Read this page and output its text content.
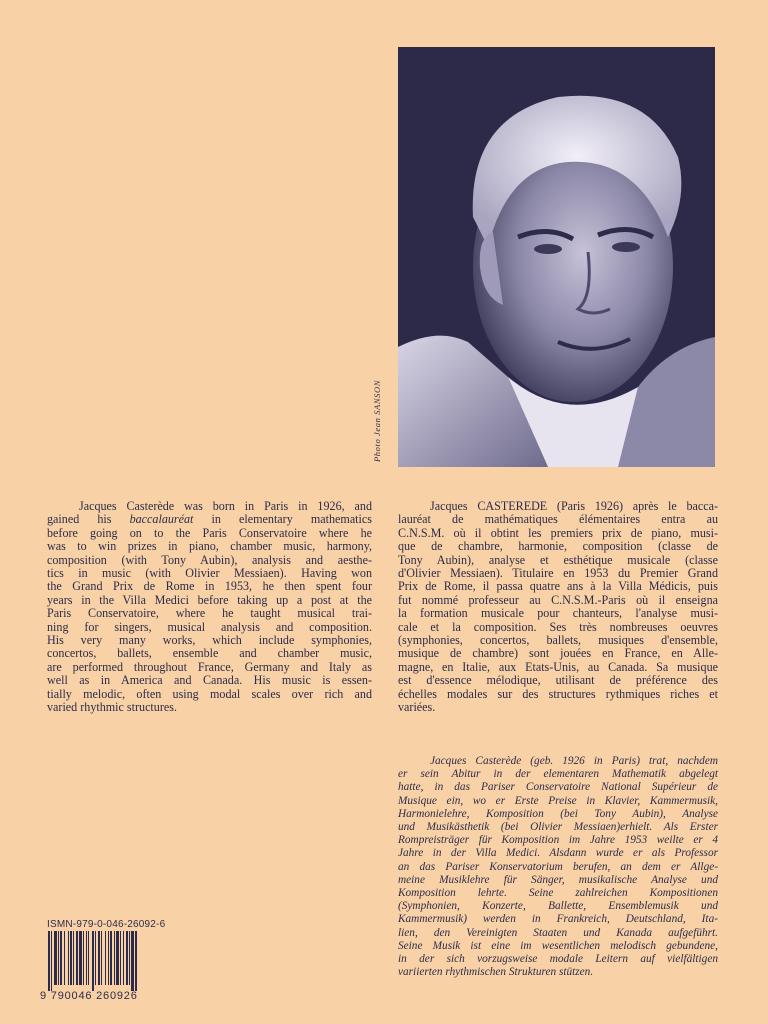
Photo Jean SANSON
Jacques Casterède was born in Paris in 1926, and
gained his baccalauréat in elementary mathematics
before going on to the Paris Conservatoire where he
was to win prizes in piano, chamber music, harmony,
composition (with Tony Aubin), analysis and aesthe-
tics in music (with Olivier Messiaen). Having won
the Grand Prix de Rome in 1953, he then spent four
years in the Villa Medici before taking up a post at the
Paris Conservatoire, where he taught musical trai-
ning for singers, musical analysis and composition.
His very many works, which include symphonies,
concertos, ballets, ensemble and chamber music,
are performed throughout France, Germany and Italy as
well as in America and Canada. His music is essen-
tially melodic, often using modal scales over rich and
varied rhythmic structures.
Jacques CASTEREDE (Paris 1926) après le bacca-
lauréat de mathématiques élémentaires entra au
C.N.S.M. où il obtint les premiers prix de piano, musi-
que de chambre, harmonie, composition (classe de
Tony Aubin), analyse et esthétique musicale (classe
d'Olivier Messiaen). Titulaire en 1953 du Premier Grand
Prix de Rome, il passa quatre ans à la Villa Médicis, puis
fut nommé professeur au C.N.S.M.-Paris où il enseigna
la formation musicale pour chanteurs, l'analyse musi-
cale et la composition. Ses très nombreuses oeuvres
(symphonies, concertos, ballets, musiques d'ensemble,
musique de chambre) sont jouées en France, en Alle-
magne, en Italie, aux Etats-Unis, au Canada. Sa musique
est d'essence mélodique, utilisant de préférence des
échelles modales sur des structures rythmiques riches et
variées.
Jacques Casterède (geb. 1926 in Paris) trat, nachdem
er sein Abitur in der elementaren Mathematik abgelegt
hatte, in das Pariser Conservatoire National Supérieur de
Musique ein, wo er Erste Preise in Klavier, Kammermusik,
Harmonielehre, Komposition (bei Tony Aubin), Analyse
und Musikästhetik (bei Olivier Messiaen)erhielt. Als Erster
Rompreisträger für Komposition im Jahre 1953 weilte er 4
Jahre in der Villa Medici. Alsdann wurde er als Professor
an das Pariser Konservatorium berufen, an dem er Allge-
meine Musiklehre für Sänger, musikalische Analyse und
Komposition lehrte. Seine zahlreichen Kompositionen
(Symphonien, Konzerte, Ballette, Ensemblemusik und
Kammermusik) werden in Frankreich, Deutschland, Ita-
lien, den Vereinigten Staaten und Kanada aufgeführt.
Seine Musik ist eine im wesentlichen melodisch gebundene,
in der sich vorzugsweise modale Leitern auf vielfältigen
variierten rhythmischen Strukturen stützen.
ISMN-979-0-046-26092-6
9 790046 260926
